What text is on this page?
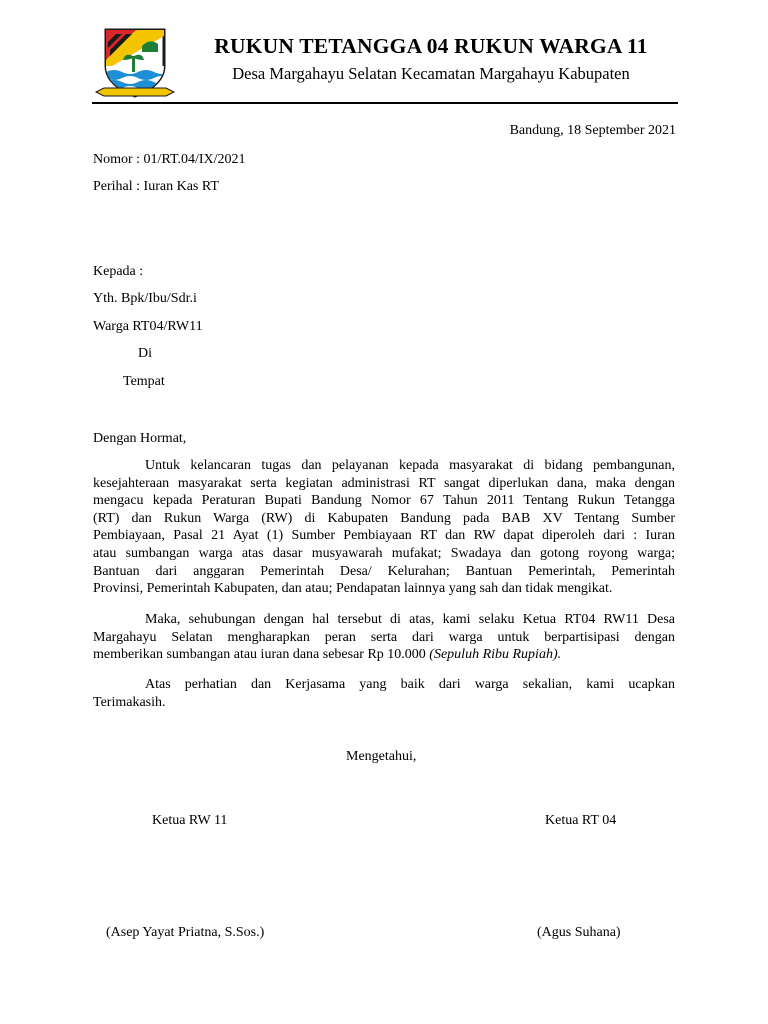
RUKUN TETANGGA 04 RUKUN WARGA 11
Desa Margahayu Selatan Kecamatan Margahayu Kabupaten
Bandung, 18 September 2021
Nomor : 01/RT.04/IX/2021
Perihal : Iuran Kas RT
Kepada :
Yth. Bpk/Ibu/Sdr.i
Warga RT04/RW11
Di
Tempat
Dengan Hormat,
Untuk kelancaran tugas dan pelayanan kepada masyarakat di bidang pembangunan,
kesejahteraan masyarakat serta kegiatan administrasi RT sangat diperlukan dana, maka dengan
mengacu kepada Peraturan Bupati Bandung Nomor 67 Tahun 2011 Tentang Rukun Tetangga
(RT) dan Rukun Warga (RW) di Kabupaten Bandung pada BAB XV Tentang Sumber
Pembiayaan, Pasal 21 Ayat (1) Sumber Pembiayaan RT dan RW dapat diperoleh dari : Iuran
atau sumbangan warga atas dasar musyawarah mufakat; Swadaya dan gotong royong warga;
Bantuan dari anggaran Pemerintah Desa/ Kelurahan; Bantuan Pemerintah, Pemerintah
Provinsi, Pemerintah Kabupaten, dan atau; Pendapatan lainnya yang sah dan tidak mengikat.
Maka, sehubungan dengan hal tersebut di atas, kami selaku Ketua RT04 RW11 Desa
Margahayu Selatan mengharapkan peran serta dari warga untuk berpartisipasi dengan
memberikan sumbangan atau iuran dana sebesar Rp 10.000 (Sepuluh Ribu Rupiah).
Atas perhatian dan Kerjasama yang baik dari warga sekalian, kami ucapkan
Terimakasih.
Mengetahui,
Ketua RW 11	Ketua RT 04
(Asep Yayat Priatna, S.Sos.)	(Agus Suhana)
